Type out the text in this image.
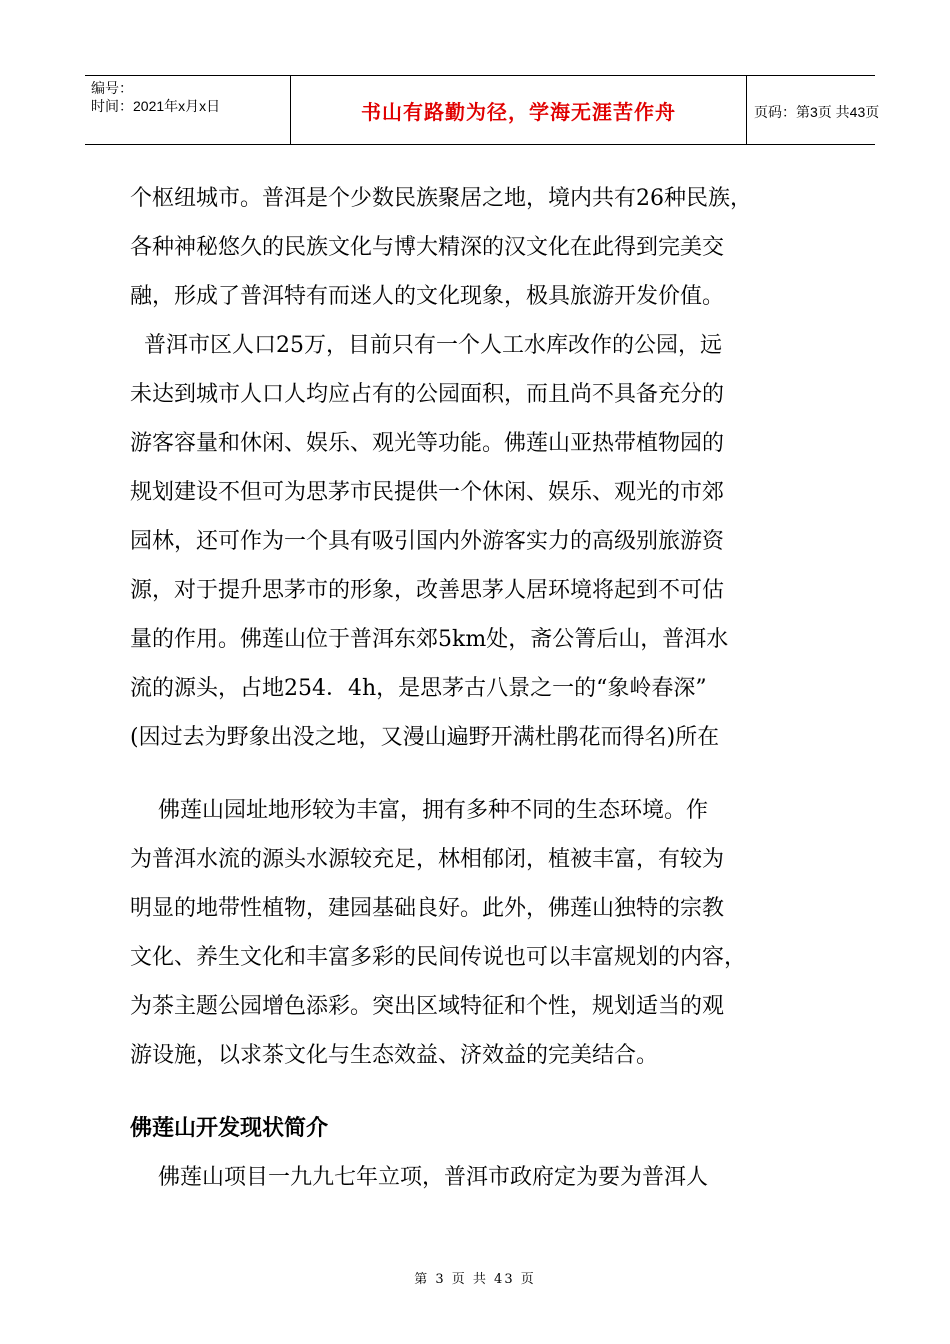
编号：
时间：2021年x月x日	书山有路勤为径，学海无涯苦作舟	页码：第3页 共43页
个枢纽城市。普洱是个少数民族聚居之地，境内共有26种民族，
各种神秘悠久的民族文化与博大精深的汉文化在此得到完美交
融，形成了普洱特有而迷人的文化现象，极具旅游开发价值。
普洱市区人口25万，目前只有一个人工水库改作的公园，远
未达到城市人口人均应占有的公园面积，而且尚不具备充分的
游客容量和休闲、娱乐、观光等功能。佛莲山亚热带植物园的
规划建设不但可为思茅市民提供一个休闲、娱乐、观光的市郊
园林，还可作为一个具有吸引国内外游客实力的高级别旅游资
源，对于提升思茅市的形象，改善思茅人居环境将起到不可估
量的作用。佛莲山位于普洱东郊5km处，斋公箐后山，普洱水
流的源头，占地254．4h，是思茅古八景之一的“象岭春深”
(因过去为野象出没之地，又漫山遍野开满杜鹃花而得名)所在
佛莲山园址地形较为丰富，拥有多种不同的生态环境。作
为普洱水流的源头水源较充足，林相郁闭，植被丰富，有较为
明显的地带性植物，建园基础良好。此外，佛莲山独特的宗教
文化、养生文化和丰富多彩的民间传说也可以丰富规划的内容，
为茶主题公园增色添彩。突出区域特征和个性，规划适当的观
游设施，以求茶文化与生态效益、济效益的完美结合。
佛莲山开发现状简介
佛莲山项目一九九七年立项，普洱市政府定为要为普洱人
第 3 页 共 43 页
